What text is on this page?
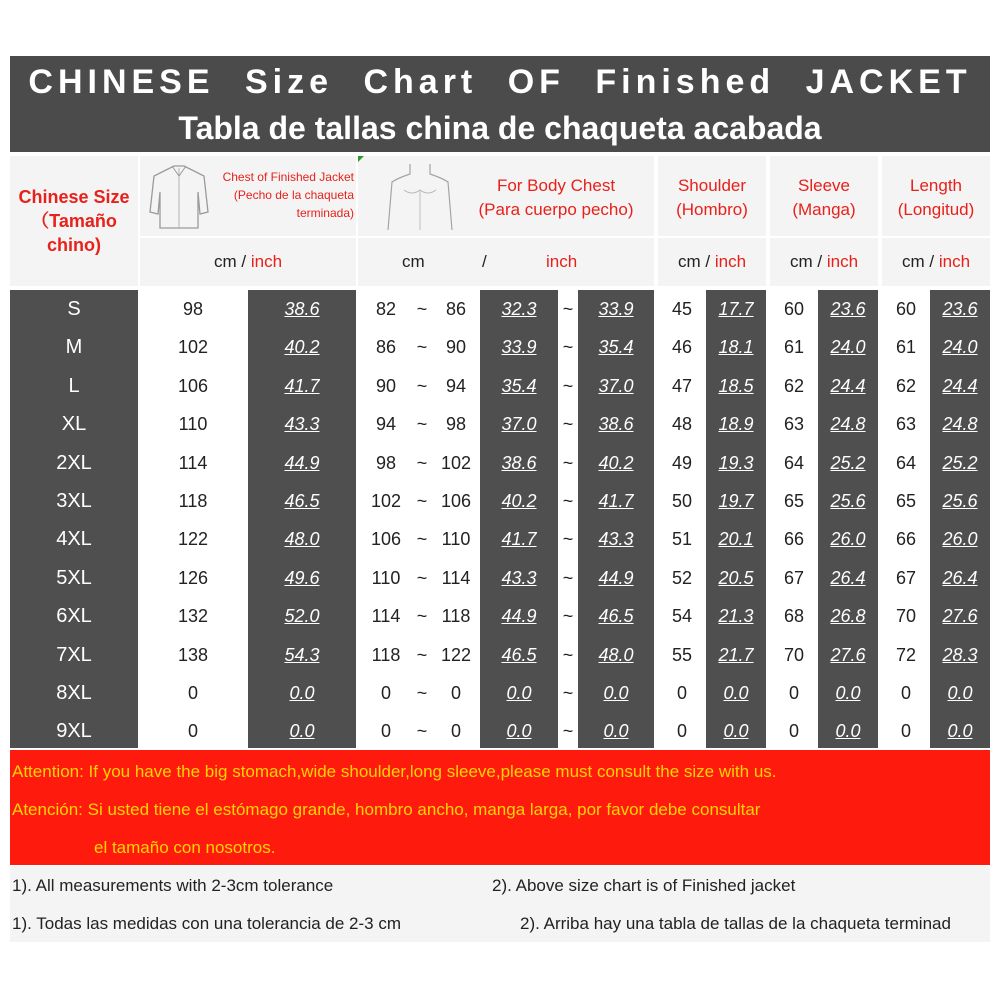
CHINESE Size Chart OF Finished JACKET
Tabla de tallas china de chaqueta acabada
Chinese Size
（Tamaño
chino)
Chest of Finished Jacket
(Pecho de la chaqueta
terminada)
For Body Chest
(Para cuerpo pecho)
Shoulder
(Hombro)
Sleeve
(Manga)
Length
(Longitud)
cm / inch	cm	/	inch	cm / inch	cm / inch	cm / inch
S	98	38.6	82	~	86	32.3	~	33.9	45	17.7	60	23.6	60	23.6
M	102	40.2	86	~	90	33.9	~	35.4	46	18.1	61	24.0	61	24.0
L	106	41.7	90	~	94	35.4	~	37.0	47	18.5	62	24.4	62	24.4
XL	110	43.3	94	~	98	37.0	~	38.6	48	18.9	63	24.8	63	24.8
2XL	114	44.9	98	~ 102	38.6	~	40.2	49	19.3	64	25.2	64	25.2
3XL	118	46.5	102 ~ 106	40.2	~	41.7	50	19.7	65	25.6	65	25.6
4XL	122	48.0	106 ~ 110	41.7	~	43.3	51	20.1	66	26.0	66	26.0
5XL	126	49.6	110 ~ 114	43.3	~	44.9	52	20.5	67	26.4	67	26.4
6XL	132	52.0	114 ~ 118	44.9	~	46.5	54	21.3	68	26.8	70	27.6
7XL	138	54.3	118 ~ 122	46.5	~	48.0	55	21.7	70	27.6	72	28.3
8XL	0	0.0	0	~	0	0.0	~	0.0	0	0.0	0	0.0	0	0.0
9XL	0	0.0	0	~	0	0.0	~	0.0	0	0.0	0	0.0	0	0.0
Attention: If you have the big stomach,wide shoulder,long sleeve,please must consult the size with us.
Atención: Si usted tiene el estómago grande, hombro ancho, manga larga, por favor debe consultar
el tamaño con nosotros.
1). All measurements with 2-3cm tolerance	2). Above size chart is of Finished jacket
1). Todas las medidas con una tolerancia de 2-3 cm	2). Arriba hay una tabla de tallas de la chaqueta terminad
